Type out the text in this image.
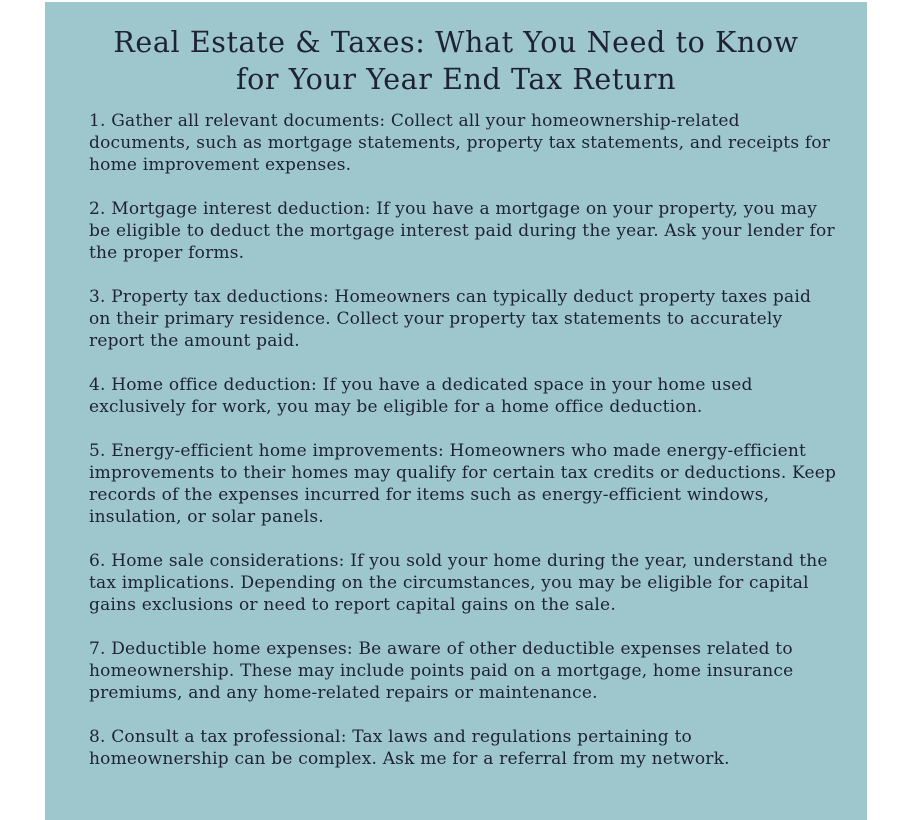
Real Estate & Taxes: What You Need to Know for Your Year End Tax Return
1. Gather all relevant documents: Collect all your homeownership-related documents, such as mortgage statements, property tax statements, and receipts for home improvement expenses.
2. Mortgage interest deduction: If you have a mortgage on your property, you may be eligible to deduct the mortgage interest paid during the year. Ask your lender for the proper forms.
3. Property tax deductions: Homeowners can typically deduct property taxes paid on their primary residence. Collect your property tax statements to accurately report the amount paid.
4. Home office deduction: If you have a dedicated space in your home used exclusively for work, you may be eligible for a home office deduction.
5. Energy-efficient home improvements: Homeowners who made energy-efficient improvements to their homes may qualify for certain tax credits or deductions. Keep records of the expenses incurred for items such as energy-efficient windows, insulation, or solar panels.
6. Home sale considerations: If you sold your home during the year, understand the tax implications. Depending on the circumstances, you may be eligible for capital gains exclusions or need to report capital gains on the sale.
7. Deductible home expenses: Be aware of other deductible expenses related to homeownership. These may include points paid on a mortgage, home insurance premiums, and any home-related repairs or maintenance.
8. Consult a tax professional: Tax laws and regulations pertaining to homeownership can be complex. Ask me for a referral from my network.
